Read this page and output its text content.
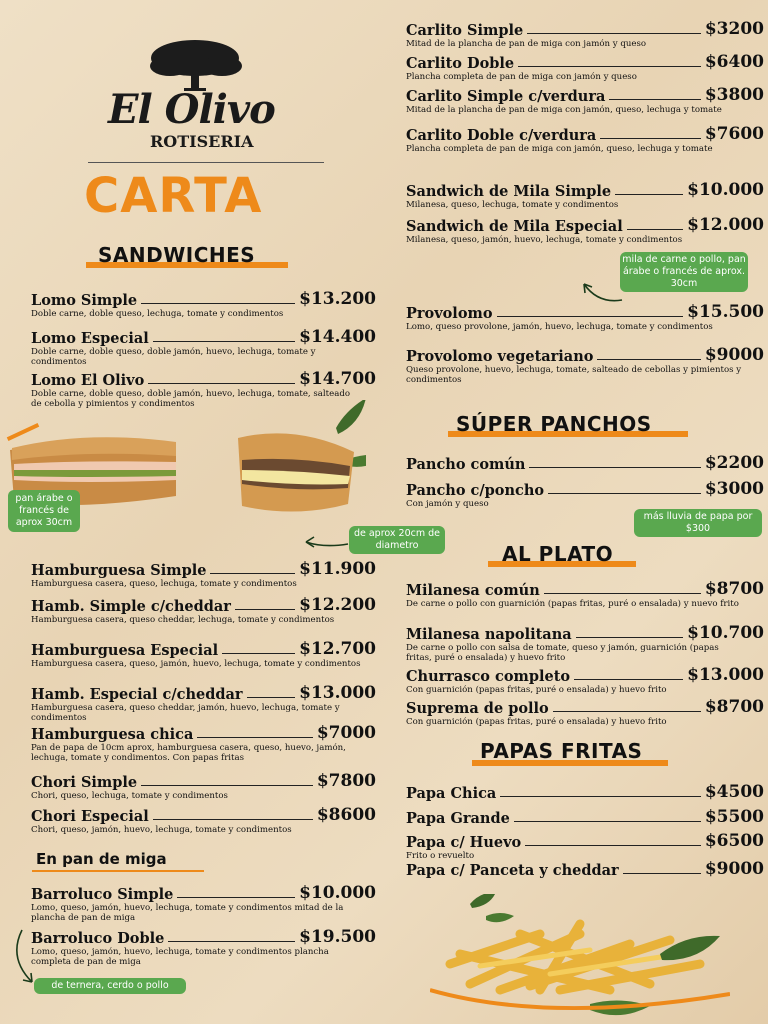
El Olivo
ROTISERIA
CARTA
SANDWICHES
SÚPER PANCHOS
AL PLATO
PAPAS FRITAS
En pan de miga
Lomo Simple	$13.200
Doble carne, doble queso, lechuga, tomate y condimentos
Lomo Especial	$14.400
Doble carne, doble queso, doble jamón, huevo, lechuga, tomate y condimentos
Lomo El Olivo	$14.700
Doble carne, doble queso, doble jamón, huevo, lechuga, tomate, salteado de cebolla y pimientos y condimentos
Hamburguesa Simple	$11.900
Hamburguesa casera, queso, lechuga, tomate y condimentos
Hamb. Simple c/cheddar	$12.200
Hamburguesa casera, queso cheddar, lechuga, tomate y condimentos
Hamburguesa Especial	$12.700
Hamburguesa casera, queso, jamón, huevo, lechuga, tomate y condimentos
Hamb. Especial c/cheddar	$13.000
Hamburguesa casera, queso cheddar, jamón, huevo, lechuga, tomate y condimentos
Hamburguesa chica	$7000
Pan de papa de 10cm aprox, hamburguesa casera, queso, huevo, jamón, lechuga, tomate y condimentos. Con papas fritas
Chori Simple	$7800
Chori, queso, lechuga, tomate y condimentos
Chori Especial	$8600
Chori, queso, jamón, huevo, lechuga, tomate y condimentos
Barroluco Simple	$10.000
Lomo, queso, jamón, huevo, lechuga, tomate y condimentos mitad de la plancha de pan de miga
Barroluco Doble	$19.500
Lomo, queso, jamón, huevo, lechuga, tomate y condimentos plancha completa de pan de miga
Carlito Simple	$3200
Mitad de la plancha de pan de miga con jamón y queso
Carlito Doble	$6400
Plancha completa de pan de miga con jamón y queso
Carlito Simple c/verdura	$3800
Mitad de la plancha de pan de miga con jamón, queso, lechuga y tomate
Carlito Doble c/verdura	$7600
Plancha completa de pan de miga con jamón, queso, lechuga y tomate
Sandwich de Mila Simple	$10.000
Milanesa, queso, lechuga, tomate y condimentos
Sandwich de Mila Especial	$12.000
Milanesa, queso, jamón, huevo, lechuga, tomate y condimentos
Provolomo	$15.500
Lomo, queso provolone, jamón, huevo, lechuga, tomate y condimentos
Provolomo vegetariano	$9000
Queso provolone, huevo, lechuga, tomate, salteado de cebollas y pimientos y condimentos
Pancho común	$2200
Pancho c/poncho	$3000
Con jamón y queso
Milanesa común	$8700
De carne o pollo con guarnición (papas fritas, puré o ensalada) y nuevo frito
Milanesa napolitana	$10.700
De carne o pollo con salsa de tomate, queso y jamón, guarnición (papas fritas, puré o ensalada) y huevo frito
Churrasco completo	$13.000
Con guarnición (papas fritas, puré o ensalada) y huevo frito
Suprema de pollo	$8700
Con guarnición (papas fritas, puré o ensalada) y huevo frito
Papa Chica	$4500
Papa Grande	$5500
Papa c/ Huevo	$6500
Frito o revuelto
Papa c/ Panceta y cheddar	$9000
pan árabe o francés de aprox 30cm
de aprox 20cm de diametro
mila de carne o pollo, pan árabe o francés de aprox. 30cm
más lluvia de papa por $300
de ternera, cerdo o pollo
